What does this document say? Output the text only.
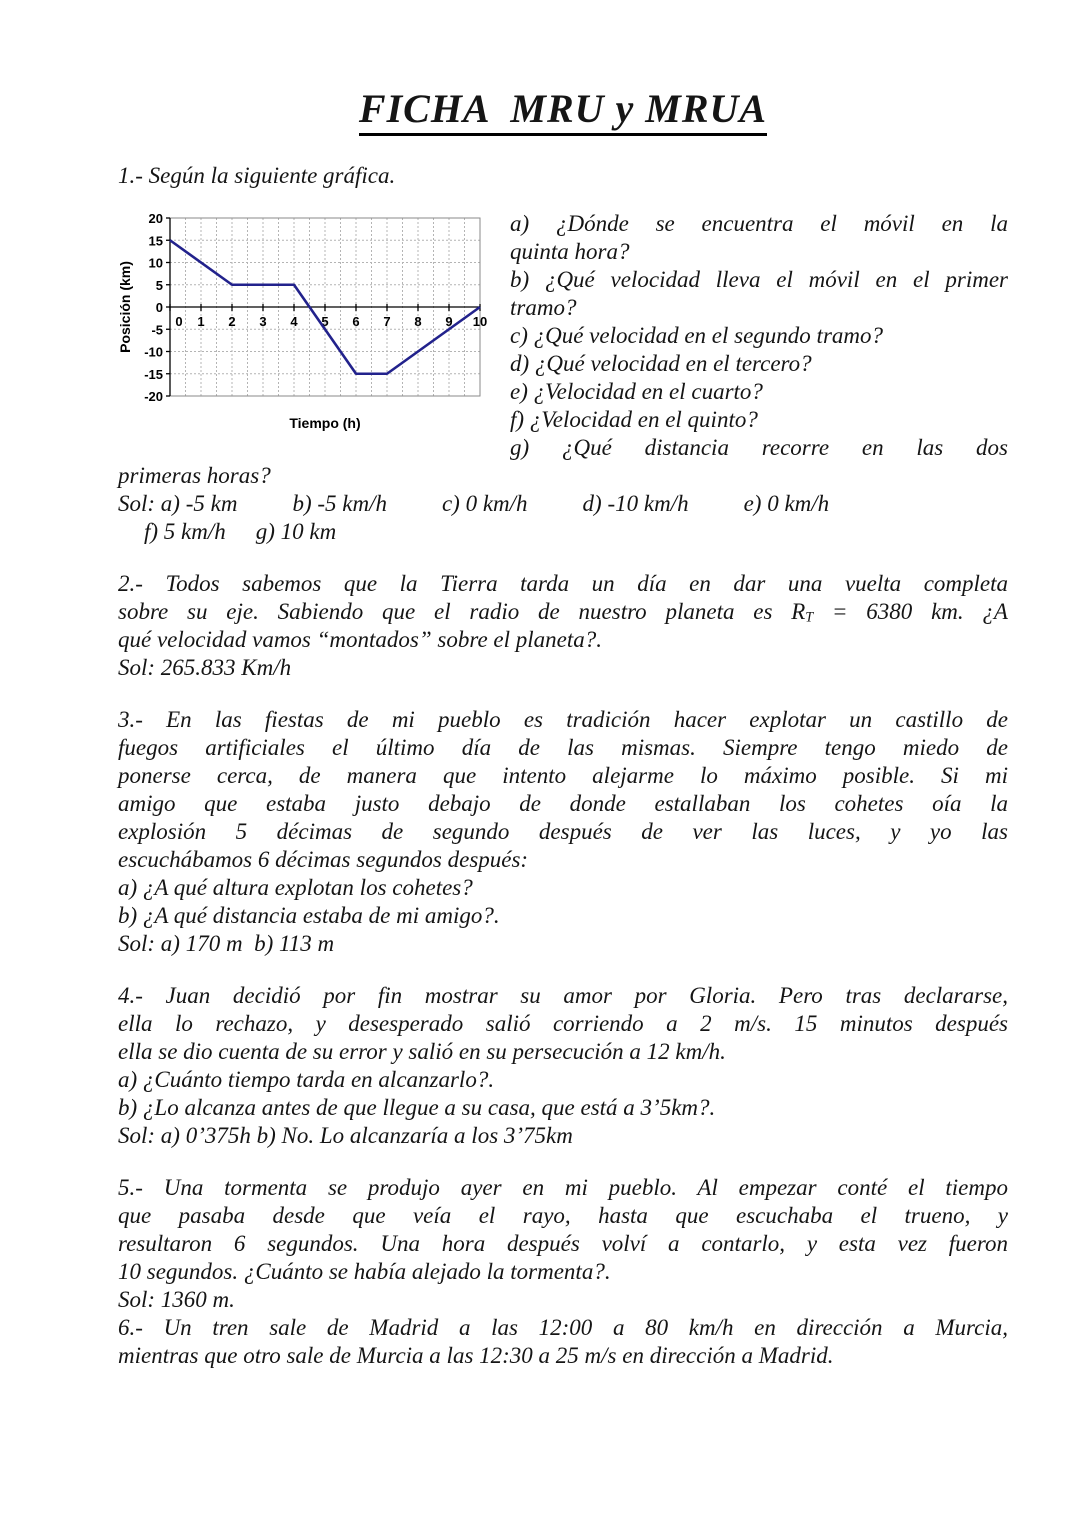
FICHA  MRU y MRUA

1.- Según la siguiente gráfica.

20
15
10
5
0
-5
-10
-15
-20
0 1 2 3 4 5 6 7 8 9 10
Tiempo (h)
Posición (km)
a) ¿Dónde se encuentra el móvil en la
quinta hora?
b) ¿Qué velocidad lleva el móvil en el primer
tramo?
c) ¿Qué velocidad en el segundo tramo?
d) ¿Qué velocidad en el tercero?
e) ¿Velocidad en el cuarto?
f) ¿Velocidad en el quinto?
g) ¿Qué distancia recorre en las dos
primeras horas?
Sol: a) -5 km b) -5 km/h c) 0 km/h d) -10 km/h e) 0 km/h
f) 5 km/h g) 10 km
2.- Todos sabemos que la Tierra tarda un día en dar una vuelta completa
sobre su eje. Sabiendo que el radio de nuestro planeta es $R_T = 6380$ km. ¿A
qué velocidad vamos “montados” sobre el planeta?.
Sol: 265.833 Km/h
3.- En las fiestas de mi pueblo es tradición hacer explotar un castillo de
fuegos artificiales el último día de las mismas. Siempre tengo miedo de
ponerse cerca, de manera que intento alejarme lo máximo posible. Si mi
amigo que estaba justo debajo de donde estallaban los cohetes oía la
explosión 5 décimas de segundo después de ver las luces, y yo las
escuchábamos 6 décimas segundos después:
a) ¿A qué altura explotan los cohetes?
b) ¿A qué distancia estaba de mi amigo?.
Sol: a) 170 m  b) 113 m
4.- Juan decidió por fin mostrar su amor por Gloria. Pero tras declararse,
ella lo rechazo, y desesperado salió corriendo a 2 m/s. 15 minutos después
ella se dio cuenta de su error y salió en su persecución a 12 km/h.
a) ¿Cuánto tiempo tarda en alcanzarlo?.
b) ¿Lo alcanza antes de que llegue a su casa, que está a 3’5km?.
Sol: a) 0’375h b) No. Lo alcanzaría a los 3’75km
5.- Una tormenta se produjo ayer en mi pueblo. Al empezar conté el tiempo
que pasaba desde que veía el rayo, hasta que escuchaba el trueno, y
resultaron 6 segundos. Una hora después volví a contarlo, y esta vez fueron
10 segundos. ¿Cuánto se había alejado la tormenta?.
Sol: 1360 m.
6.- Un tren sale de Madrid a las 12:00 a 80 km/h en dirección a Murcia,
mientras que otro sale de Murcia a las 12:30 a 25 m/s en dirección a Madrid.
